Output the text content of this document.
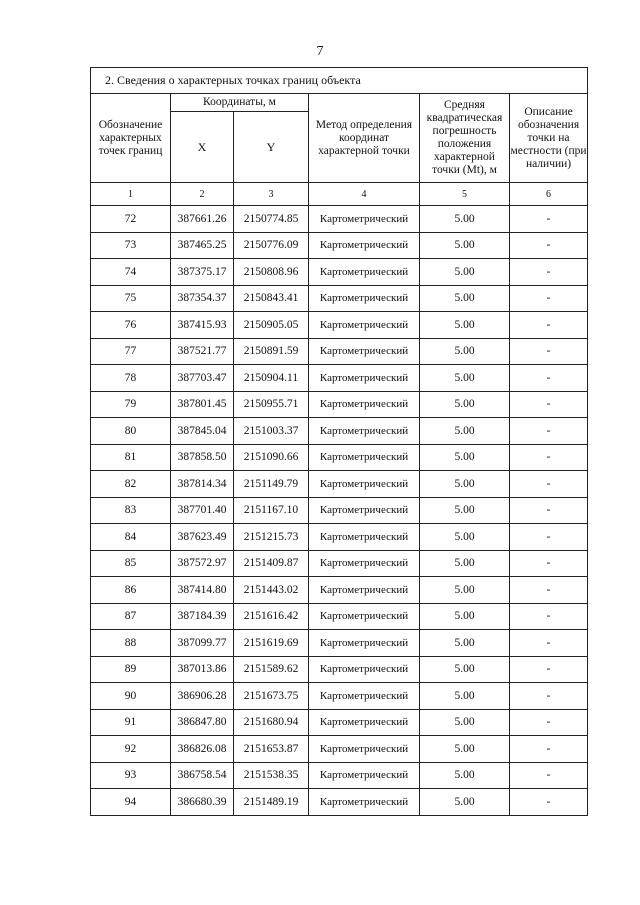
7
2. Сведения о характерных точках границ объекта					
Обозначение характерных точек границ	Координаты, м		Метод определения координат характерной точки	Средняя квадратическая погрешность положения характерной точки (Mt), м	Описание обозначения точки на местности (при наличии)
	X	Y			
1	2	3	4	5	6
72	387661.26	2150774.85	Картометрический	5.00	-
73	387465.25	2150776.09	Картометрический	5.00	-
74	387375.17	2150808.96	Картометрический	5.00	-
75	387354.37	2150843.41	Картометрический	5.00	-
76	387415.93	2150905.05	Картометрический	5.00	-
77	387521.77	2150891.59	Картометрический	5.00	-
78	387703.47	2150904.11	Картометрический	5.00	-
79	387801.45	2150955.71	Картометрический	5.00	-
80	387845.04	2151003.37	Картометрический	5.00	-
81	387858.50	2151090.66	Картометрический	5.00	-
82	387814.34	2151149.79	Картометрический	5.00	-
83	387701.40	2151167.10	Картометрический	5.00	-
84	387623.49	2151215.73	Картометрический	5.00	-
85	387572.97	2151409.87	Картометрический	5.00	-
86	387414.80	2151443.02	Картометрический	5.00	-
87	387184.39	2151616.42	Картометрический	5.00	-
88	387099.77	2151619.69	Картометрический	5.00	-
89	387013.86	2151589.62	Картометрический	5.00	-
90	386906.28	2151673.75	Картометрический	5.00	-
91	386847.80	2151680.94	Картометрический	5.00	-
92	386826.08	2151653.87	Картометрический	5.00	-
93	386758.54	2151538.35	Картометрический	5.00	-
94	386680.39	2151489.19	Картометрический	5.00	-
